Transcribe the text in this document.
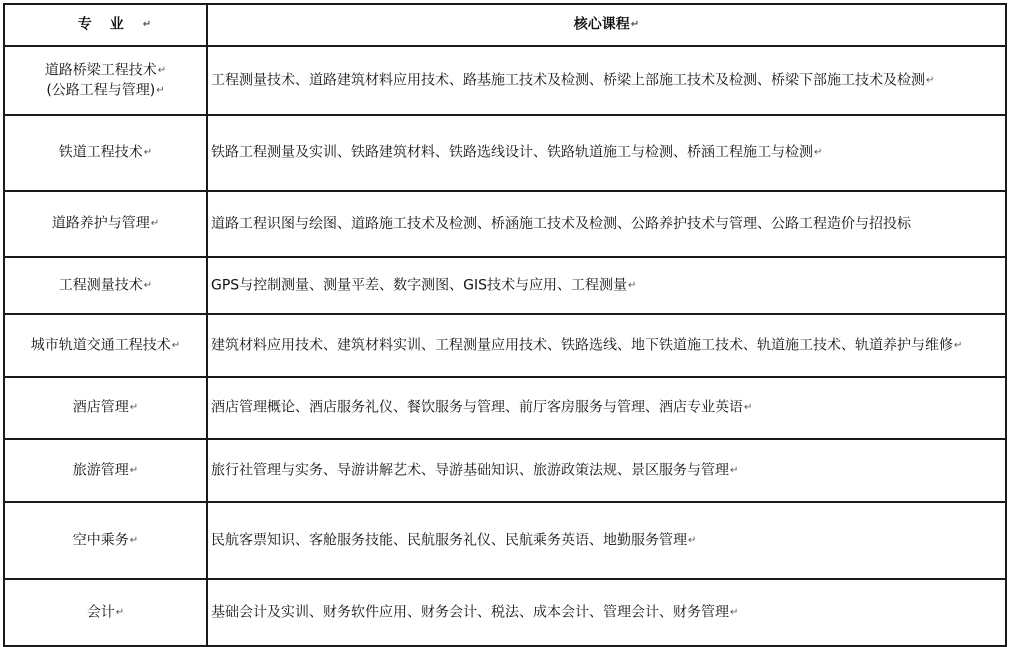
专业↵	核心课程↵

道路桥梁工程技术↵
(公路工程与管理)↵	工程测量技术、道路建筑材料应用技术、路基施工技术及检测、桥梁上部施工技术及检测、桥梁下部施工技术及检测↵
铁道工程技术↵	铁路工程测量及实训、铁路建筑材料、铁路选线设计、铁路轨道施工与检测、桥涵工程施工与检测↵
道路养护与管理↵	道路工程识图与绘图、道路施工技术及检测、桥涵施工技术及检测、公路养护技术与管理、公路工程造价与招投标
工程测量技术↵	GPS与控制测量、测量平差、数字测图、GIS技术与应用、工程测量↵
城市轨道交通工程技术↵	建筑材料应用技术、建筑材料实训、工程测量应用技术、铁路选线、地下铁道施工技术、轨道施工技术、轨道养护与维修↵
酒店管理↵	酒店管理概论、酒店服务礼仪、餐饮服务与管理、前厅客房服务与管理、酒店专业英语↵
旅游管理↵	旅行社管理与实务、导游讲解艺术、导游基础知识、旅游政策法规、景区服务与管理↵
空中乘务↵	民航客票知识、客舱服务技能、民航服务礼仪、民航乘务英语、地勤服务管理↵
会计↵	基础会计及实训、财务软件应用、财务会计、税法、成本会计、管理会计、财务管理↵
